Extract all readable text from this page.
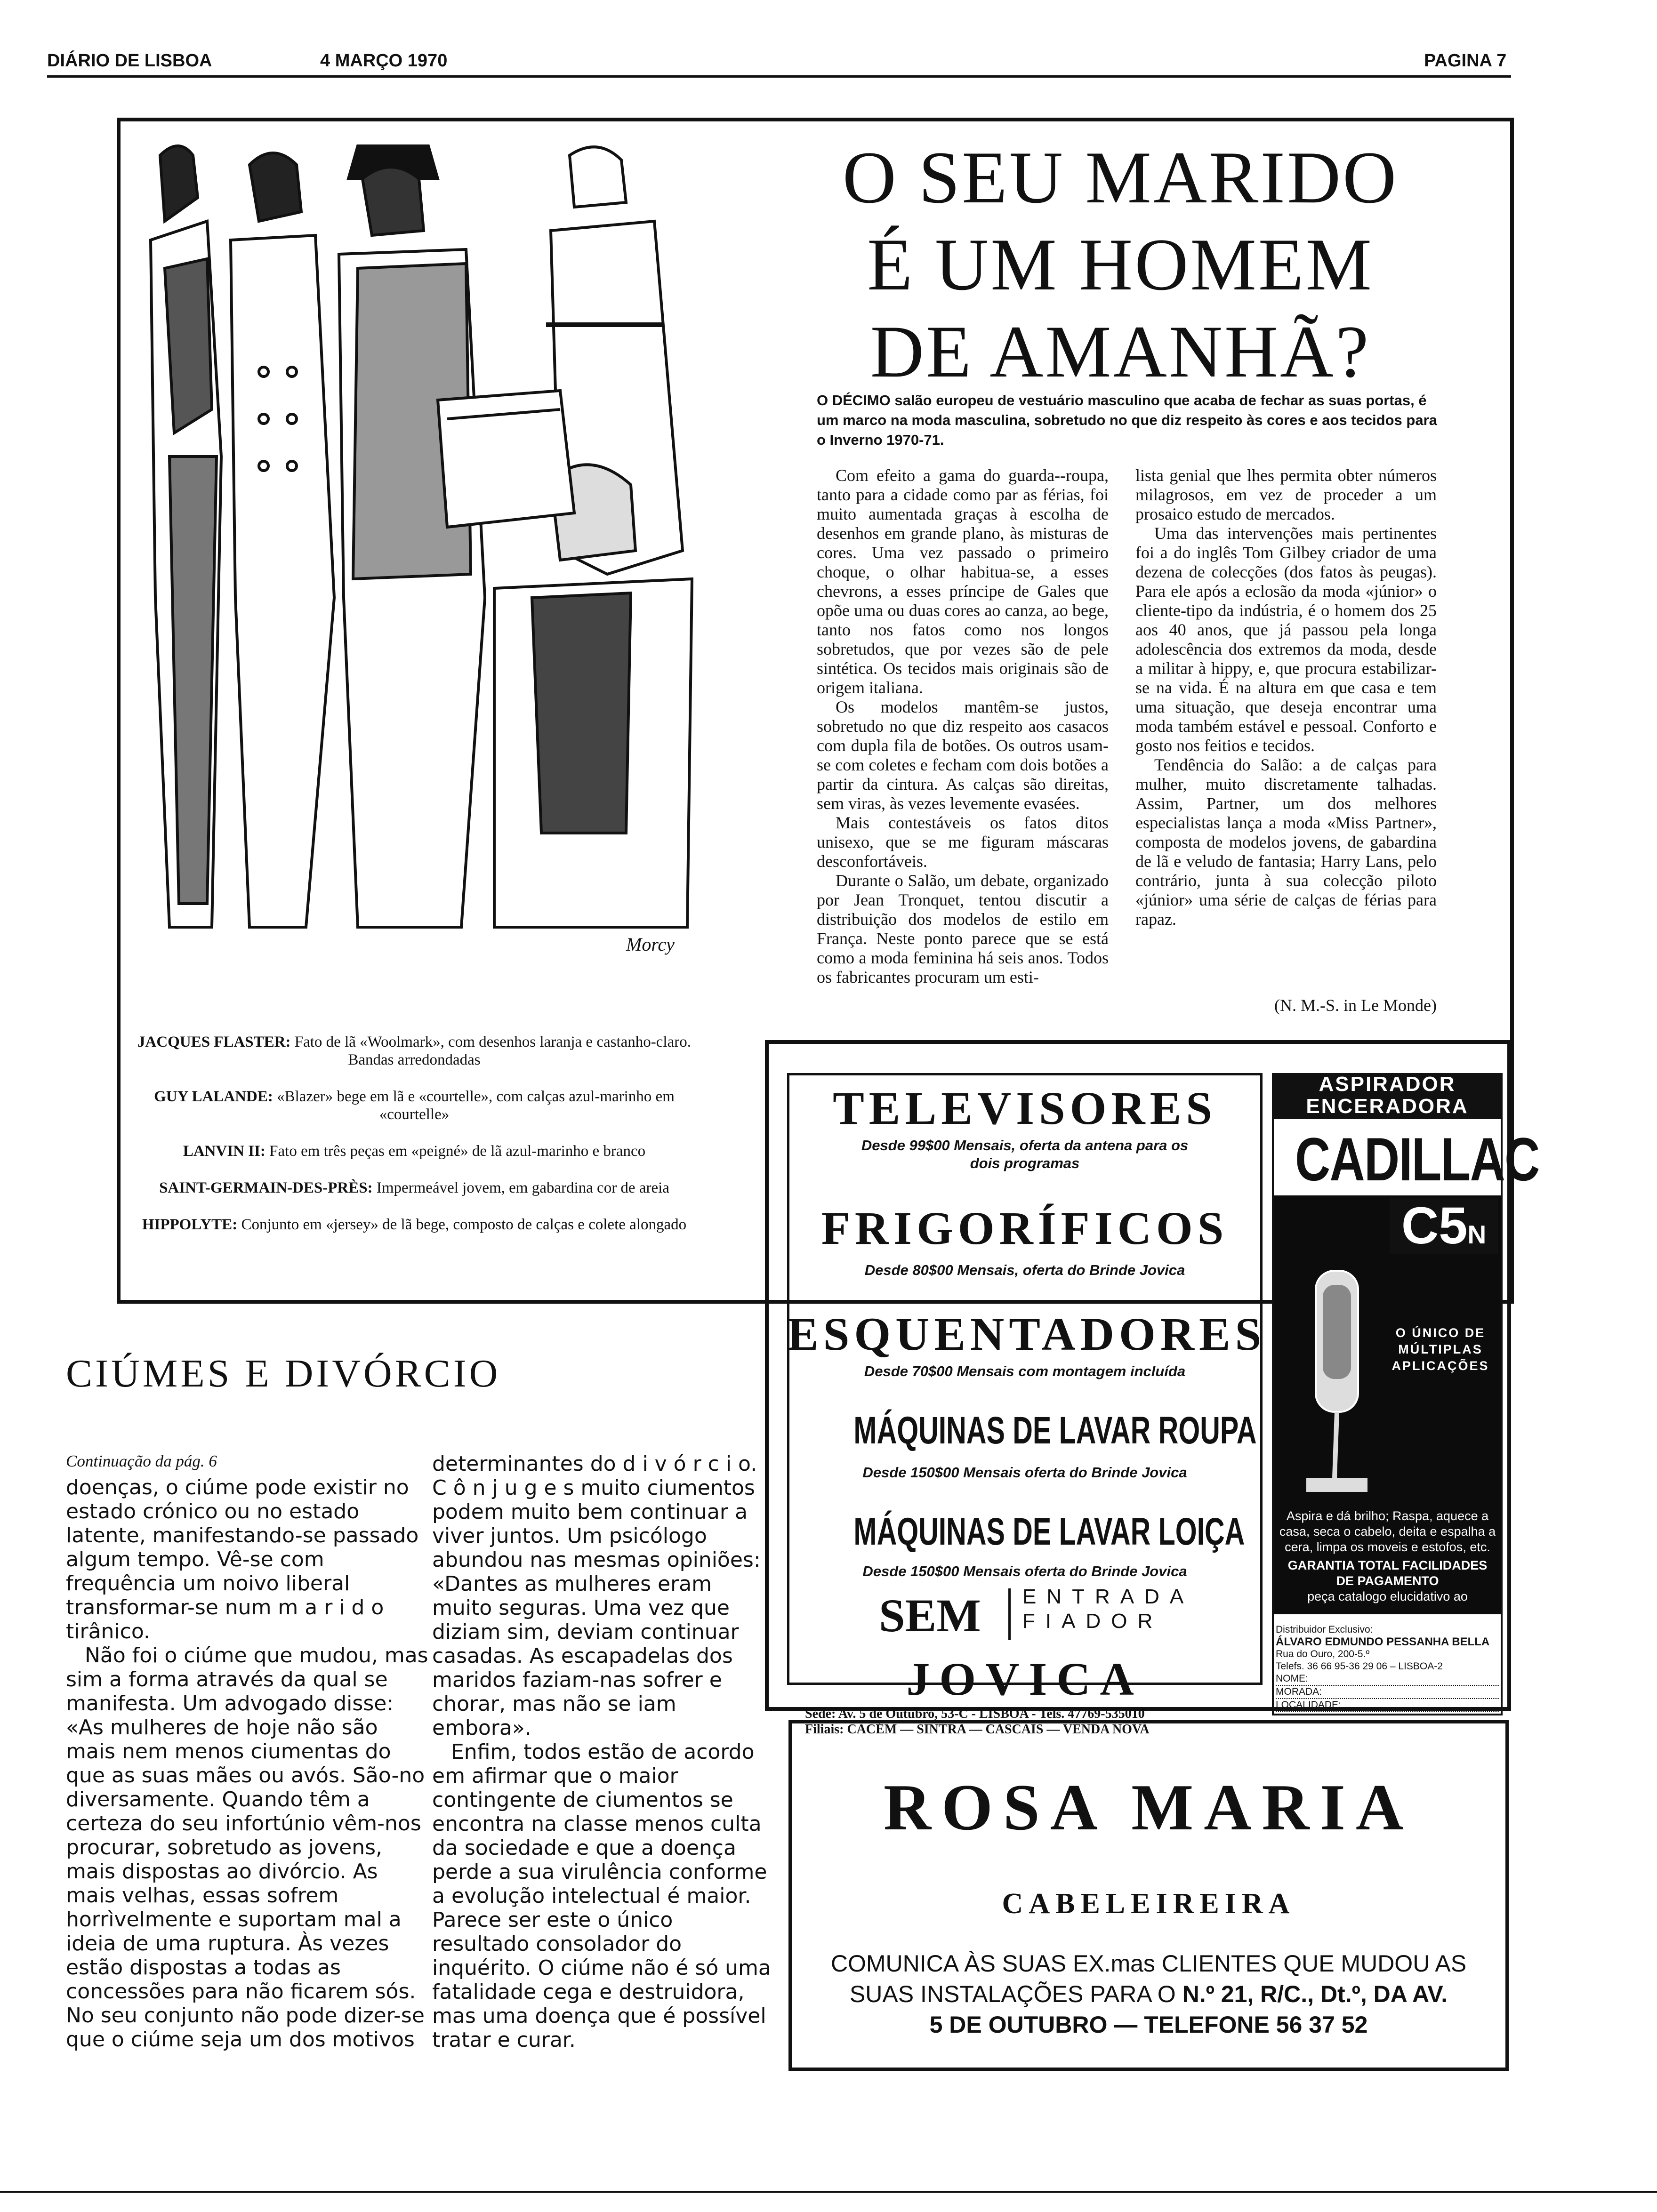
DIÁRIO DE LISBOA	4 MARÇO 1970	PAGINA 7
Morcy
O SEU MARIDO
É UM HOMEM
DE AMANHÃ?
O DÉCIMO salão europeu de vestuário masculino que acaba de fechar as suas portas, é um marco na moda masculina, sobretudo no que diz respeito às cores e aos tecidos para o Inverno 1970-71.

Com efeito a gama do guarda--roupa, tanto para a cidade como par as férias, foi muito aumentada graças à escolha de desenhos em grande plano, às misturas de cores. Uma vez passado o primeiro choque, o olhar habitua-se, a esses chevrons, a esses príncipe de Gales que opõe uma ou duas cores ao canza, ao bege, tanto nos fatos como nos longos sobretudos, que por vezes são de pele sintética. Os tecidos mais originais são de origem italiana.

Os modelos mantêm-se justos, sobretudo no que diz respeito aos casacos com dupla fila de botões. Os outros usam-se com coletes e fecham com dois botões a partir da cintura. As calças são direitas, sem viras, às vezes levemente evasées.

Mais contestáveis os fatos ditos unisexo, que se me figuram máscaras desconfortáveis.

Durante o Salão, um debate, organizado por Jean Tronquet, tentou discutir a distribuição dos modelos de estilo em França. Neste ponto parece que se está como a moda feminina há seis anos. Todos os fabricantes procuram um esti-

lista genial que lhes permita obter números milagrosos, em vez de proceder a um prosaico estudo de mercados.

Uma das intervenções mais pertinentes foi a do inglês Tom Gilbey criador de uma dezena de colecções (dos fatos às peugas). Para ele após a eclosão da moda «júnior» o cliente-tipo da indústria, é o homem dos 25 aos 40 anos, que já passou pela longa adolescência dos extremos da moda, desde a militar à hippy, e, que procura estabilizar-se na vida. É na altura em que casa e tem uma situação, que deseja encontrar uma moda também estável e pessoal. Conforto e gosto nos feitios e tecidos.

Tendência do Salão: a de calças para mulher, muito discretamente talhadas. Assim, Partner, um dos melhores especialistas lança a moda «Miss Partner», composta de modelos jovens, de gabardina de lã e veludo de fantasia; Harry Lans, pelo contrário, junta à sua colecção piloto «júnior» uma série de calças de férias para rapaz.

(N. M.-S. in Le Monde)
JACQUES FLASTER: Fato de lã «Woolmark», com desenhos laranja e castanho-claro. Bandas arredondadas
GUY LALANDE: «Blazer» bege em lã e «courtelle», com calças azul-marinho em «courtelle»
LANVIN II: Fato em três peças em «peigné» de lã azul-marinho e branco
SAINT-GERMAIN-DES-PRÈS: Impermeável jovem, em gabardina cor de areia
HIPPOLYTE: Conjunto em «jersey» de lã bege, composto de calças e colete alongado
CIÚMES E DIVÓRCIO
Continuação da pág. 6

doenças, o ciúme pode existir no estado crónico ou no estado latente, manifestando-se passado algum tempo. Vê-se com frequência um noivo liberal transformar-se num m a r i d o tirânico.

Não foi o ciúme que mudou, mas sim a forma através da qual se manifesta. Um advogado disse: «As mulheres de hoje não são mais nem menos ciumentas do que as suas mães ou avós. São-no diversamente. Quando têm a certeza do seu infortúnio vêm-nos procurar, sobretudo as jovens, mais dispostas ao divórcio. As mais velhas, essas sofrem horrìvelmente e suportam mal a ideia de uma ruptura. Às vezes estão dispostas a todas as concessões para não ficarem sós. No seu conjunto não pode dizer-se que o ciúme seja um dos motivos

determinantes do d i v ó r c i o. C ô n j u g e s muito ciumentos podem muito bem continuar a viver juntos. Um psicólogo abundou nas mesmas opiniões: «Dantes as mulheres eram muito seguras. Uma vez que diziam sim, deviam continuar casadas. As escapadelas dos maridos faziam-nas sofrer e chorar, mas não se iam embora».

Enfim, todos estão de acordo em afirmar que o maior contingente de ciumentos se encontra na classe menos culta da sociedade e que a doença perde a sua virulência conforme a evolução intelectual é maior. Parece ser este o único resultado consolador do inquérito. O ciúme não é só uma fatalidade cega e destruidora, mas uma doença que é possível tratar e curar.

TELEVISORES
Desde 99$00 Mensais, oferta da antena para os dois programas
FRIGORÍFICOS
Desde 80$00 Mensais, oferta do Brinde Jovica
ESQUENTADORES
Desde 70$00 Mensais com montagem incluída
MÁQUINAS DE LAVAR ROUPA
Desde 150$00 Mensais oferta do Brinde Jovica
MÁQUINAS DE LAVAR LOIÇA
Desde 150$00 Mensais oferta do Brinde Jovica
SEM ENTRADA
FIADOR
JOVICA
Sede: Av. 5 de Outubro, 53-C - LISBOA - Tels. 47769-535010
Filiais: CACÉM — SINTRA — CASCAIS — VENDA NOVA
ASPIRADOR
ENCERADORA
CADILLAC
C5N
O ÚNICO DE
MÚLTIPLAS
APLICAÇÕES
Aspira e dá brilho; Raspa, aquece a casa, seca o cabelo, deita e espalha a cera, limpa os moveis e estofos, etc.
GARANTIA TOTAL FACILIDADES DE PAGAMENTO
peça catalogo elucidativo ao
Distribuidor Exclusivo:
ÁLVARO EDMUNDO PESSANHA BELLA
Rua do Ouro, 200-5.º
Telefs. 36 66 95-36 29 06 – LISBOA-2
NOME:
MORADA:
LOCALIDADE:
ROSA MARIA
CABELEIREIRA
COMUNICA ÀS SUAS EX.mas CLIENTES QUE MUDOU AS
SUAS INSTALAÇÕES PARA O N.º 21, R/C., Dt.º, DA AV.
5 DE OUTUBRO — TELEFONE 56 37 52
